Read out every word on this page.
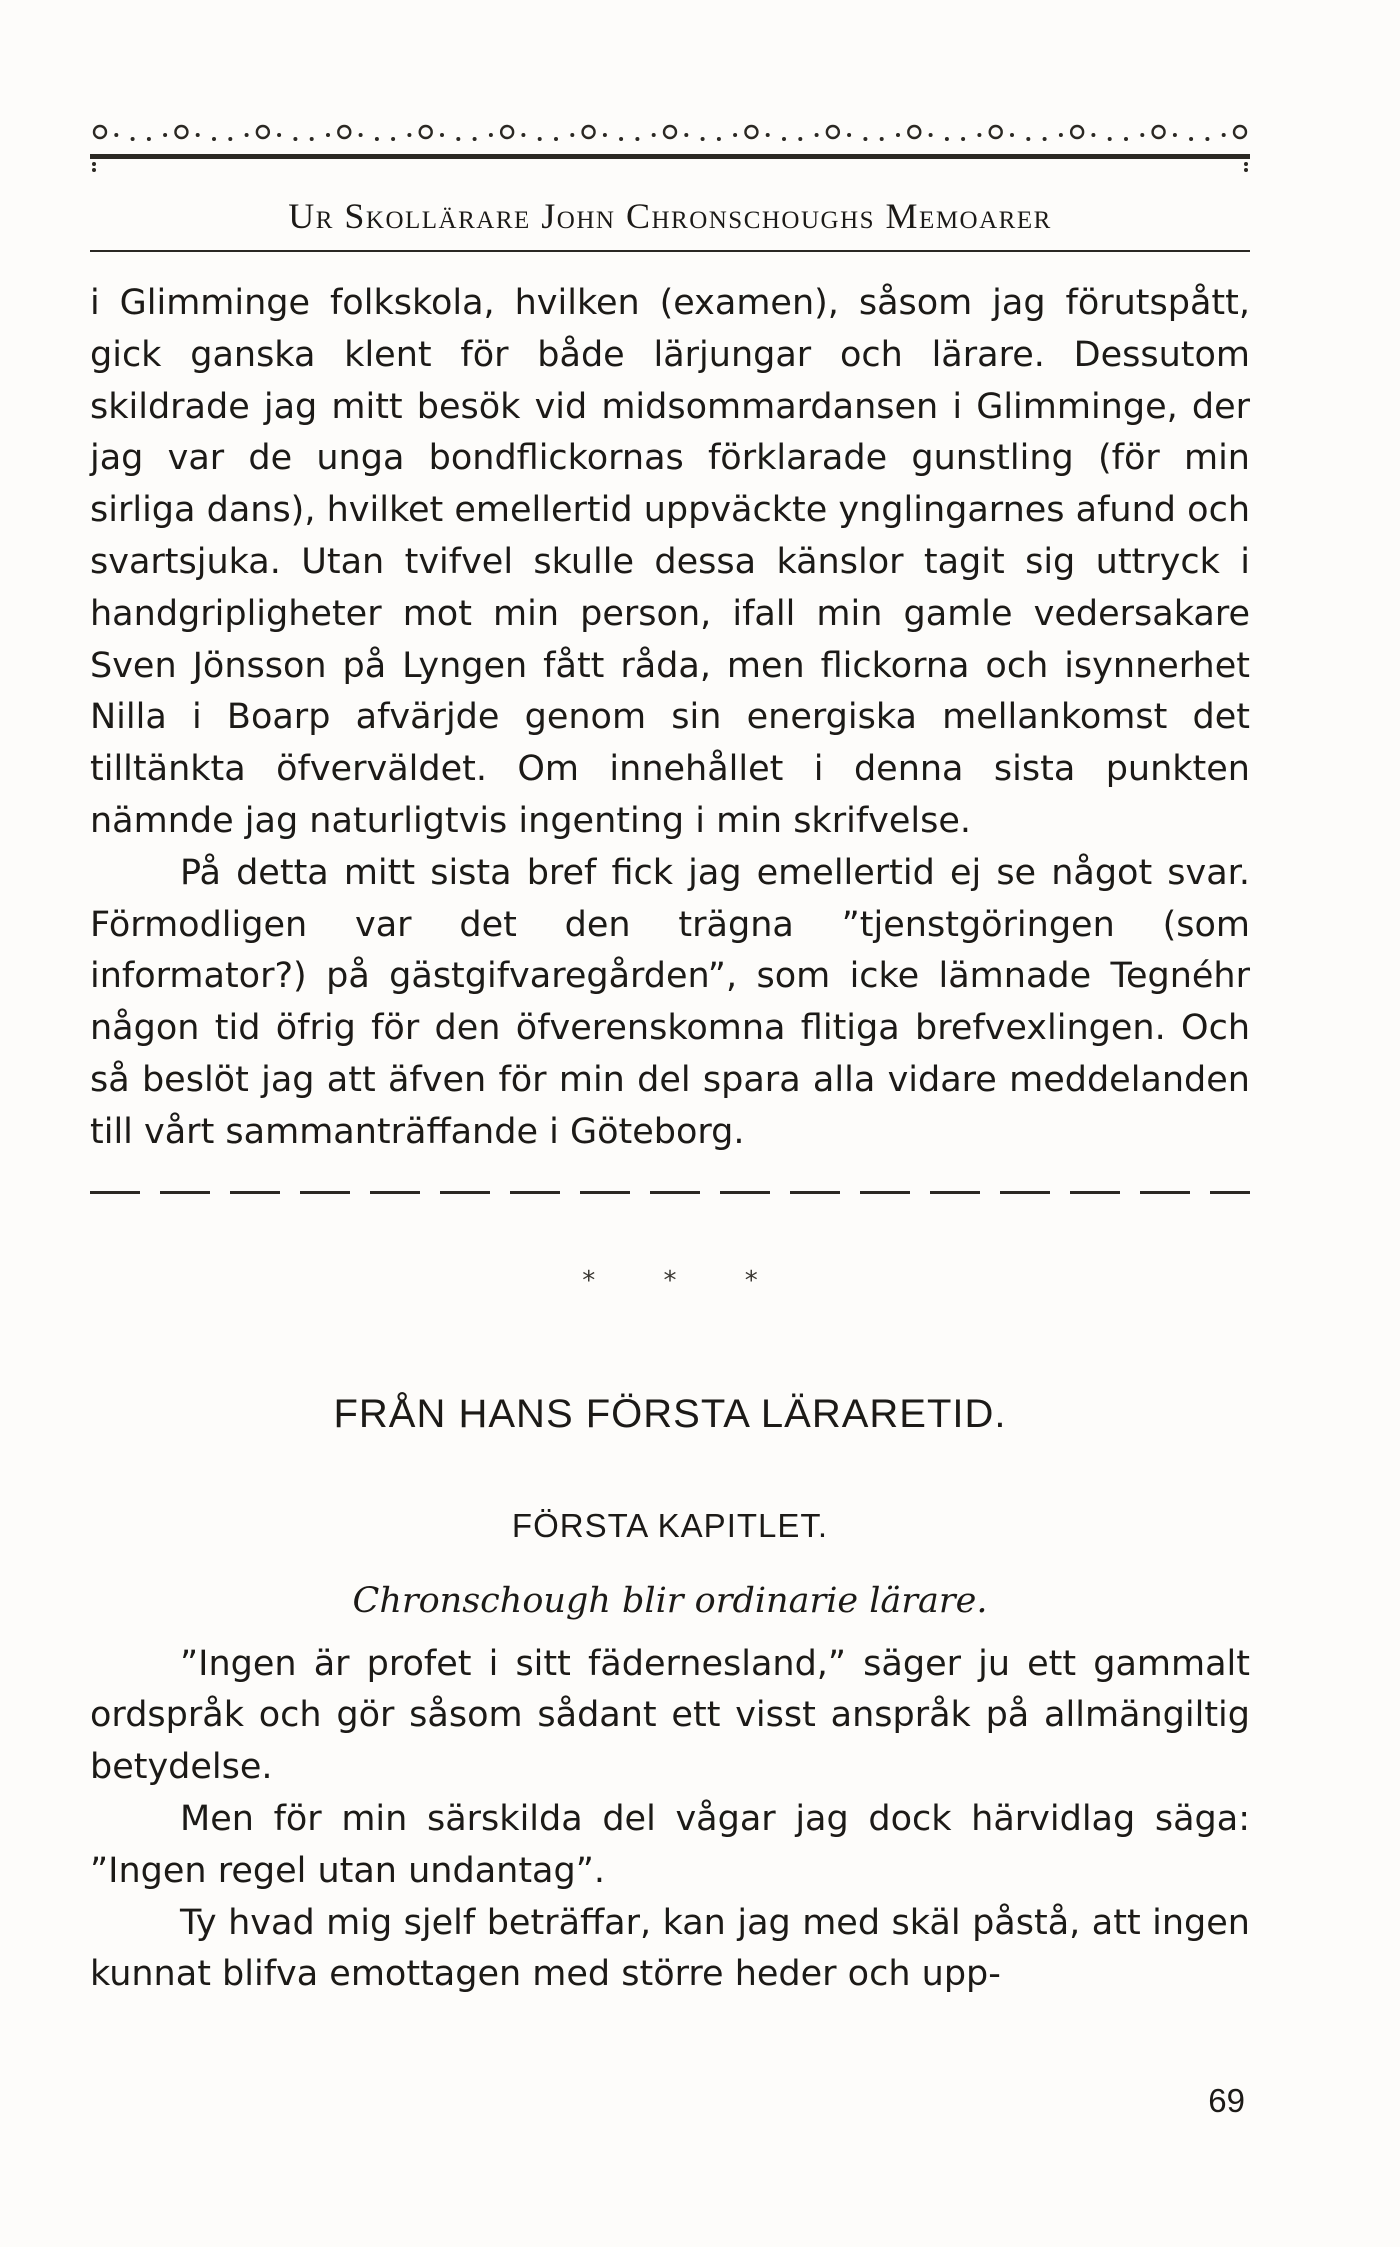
Ur Skollärare John Chronschoughs Memoarer

i Glimminge folkskola, hvilken (examen), såsom jag förutspått, gick ganska klent för både lärjungar och lärare. Dessutom skildrade jag mitt besök vid midsommardansen i Glimminge, der jag var de unga bondflickornas förklarade gunstling (för min sirliga dans), hvilket emellertid uppväckte ynglingarnes afund och svartsjuka. Utan tvifvel skulle dessa känslor tagit sig uttryck i handgripligheter mot min person, ifall min gamle vedersakare Sven Jönsson på Lyngen fått råda, men flickorna och isynnerhet Nilla i Boarp afvärjde genom sin energiska mellankomst det tilltänkta öfverväldet. Om innehållet i denna sista punkten nämnde jag naturligtvis ingenting i min skrifvelse.

På detta mitt sista bref fick jag emellertid ej se något svar. Förmodligen var det den trägna ”tjenstgöringen (som informator?) på gästgifvaregården”, som icke lämnade Tegnéhr någon tid öfrig för den öfverenskomna flitiga brefvexlingen. Och så beslöt jag att äfven för min del spara alla vidare meddelanden till vårt sammanträffande i Göteborg.

* * *
FRÅN HANS FÖRSTA LÄRARETID.
FÖRSTA KAPITLET.
Chronschough blir ordinarie lärare.

”Ingen är profet i sitt fädernesland,” säger ju ett gammalt ordspråk och gör såsom sådant ett visst anspråk på allmängiltig betydelse.

Men för min särskilda del vågar jag dock härvidlag säga: ”Ingen regel utan undantag”.

Ty hvad mig sjelf beträffar, kan jag med skäl påstå, att ingen kunnat blifva emottagen med större heder och upp-

69
